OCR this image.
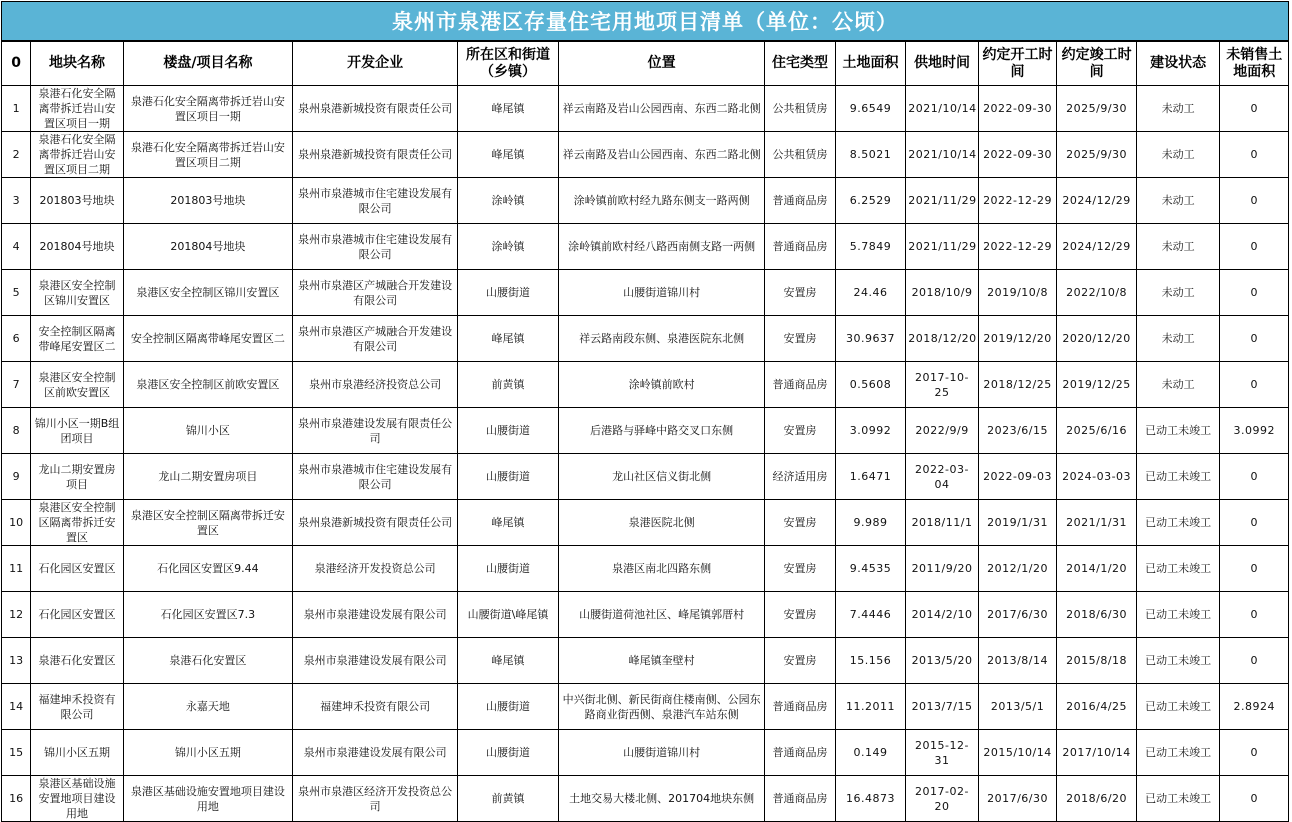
泉州市泉港区存量住宅用地项目清单（单位：公顷）
0	地块名称	楼盘/项目名称	开发企业	所在区和街道（乡镇）	位置	住宅类型	土地面积	供地时间	约定开工时间	约定竣工时间	建设状态	未销售土地面积
1	泉港石化安全隔离带拆迁岩山安置区项目一期	泉港石化安全隔离带拆迁岩山安置区项目一期	泉州泉港新城投资有限责任公司	峰尾镇	祥云南路及岩山公园西南、东西二路北侧	公共租赁房	9.6549	2021/10/14	2022-09-30	2025/9/30	未动工	0
2	泉港石化安全隔离带拆迁岩山安置区项目二期	泉港石化安全隔离带拆迁岩山安置区项目二期	泉州泉港新城投资有限责任公司	峰尾镇	祥云南路及岩山公园西南、东西二路北侧	公共租赁房	8.5021	2021/10/14	2022-09-30	2025/9/30	未动工	0
3	201803号地块	201803号地块	泉州市泉港城市住宅建设发展有限公司	涂岭镇	涂岭镇前欧村经九路东侧支一路两侧	普通商品房	6.2529	2021/11/29	2022-12-29	2024/12/29	未动工	0
4	201804号地块	201804号地块	泉州市泉港城市住宅建设发展有限公司	涂岭镇	涂岭镇前欧村经八路西南侧支路一两侧	普通商品房	5.7849	2021/11/29	2022-12-29	2024/12/29	未动工	0
5	泉港区安全控制区锦川安置区	泉港区安全控制区锦川安置区	泉州市泉港区产城融合开发建设有限公司	山腰街道	山腰街道锦川村	安置房	24.46	2018/10/9	2019/10/8	2022/10/8	未动工	0
6	安全控制区隔离带峰尾安置区二	安全控制区隔离带峰尾安置区二	泉州市泉港区产城融合开发建设有限公司	峰尾镇	祥云路南段东侧、泉港医院东北侧	安置房	30.9637	2018/12/20	2019/12/20	2020/12/20	未动工	0
7	泉港区安全控制区前欧安置区	泉港区安全控制区前欧安置区	泉州市泉港经济投资总公司	前黄镇	涂岭镇前欧村	普通商品房	0.5608	2017-10-25	2018/12/25	2019/12/25	未动工	0
8	锦川小区一期B组团项目	锦川小区	泉州市泉港建设发展有限责任公司	山腰街道	后港路与驿峰中路交叉口东侧	安置房	3.0992	2022/9/9	2023/6/15	2025/6/16	已动工未竣工	3.0992
9	龙山二期安置房项目	龙山二期安置房项目	泉州市泉港城市住宅建设发展有限公司	山腰街道	龙山社区信义街北侧	经济适用房	1.6471	2022-03-04	2022-09-03	2024-03-03	已动工未竣工	0
10	泉港区安全控制区隔离带拆迁安置区	泉港区安全控制区隔离带拆迁安置区	泉州泉港新城投资有限责任公司	峰尾镇	泉港医院北侧	安置房	9.989	2018/11/1	2019/1/31	2021/1/31	已动工未竣工	0
11	石化园区安置区	石化园区安置区9.44	泉港经济开发投资总公司	山腰街道	泉港区南北四路东侧	安置房	9.4535	2011/9/20	2012/1/20	2014/1/20	已动工未竣工	0
12	石化园区安置区	石化园区安置区7.3	泉州市泉港建设发展有限公司	山腰街道\峰尾镇	山腰街道荷池社区、峰尾镇郭厝村	安置房	7.4446	2014/2/10	2017/6/30	2018/6/30	已动工未竣工	0
13	泉港石化安置区	泉港石化安置区	泉州市泉港建设发展有限公司	峰尾镇	峰尾镇奎壁村	安置房	15.156	2013/5/20	2013/8/14	2015/8/18	已动工未竣工	0
14	福建坤禾投资有限公司	永嘉天地	福建坤禾投资有限公司	山腰街道	中兴街北侧、新民街商住楼南侧、公园东路商业街西侧、泉港汽车站东侧	普通商品房	11.2011	2013/7/15	2013/5/1	2016/4/25	已动工未竣工	2.8924
15	锦川小区五期	锦川小区五期	泉州市泉港建设发展有限公司	山腰街道	山腰街道锦川村	普通商品房	0.149	2015-12-31	2015/10/14	2017/10/14	已动工未竣工	0
16	泉港区基础设施安置地项目建设用地	泉港区基础设施安置地项目建设用地	泉州市泉港区经济开发投资总公司	前黄镇	土地交易大楼北侧、201704地块东侧	普通商品房	16.4873	2017-02-20	2017/6/30	2018/6/20	已动工未竣工	0
